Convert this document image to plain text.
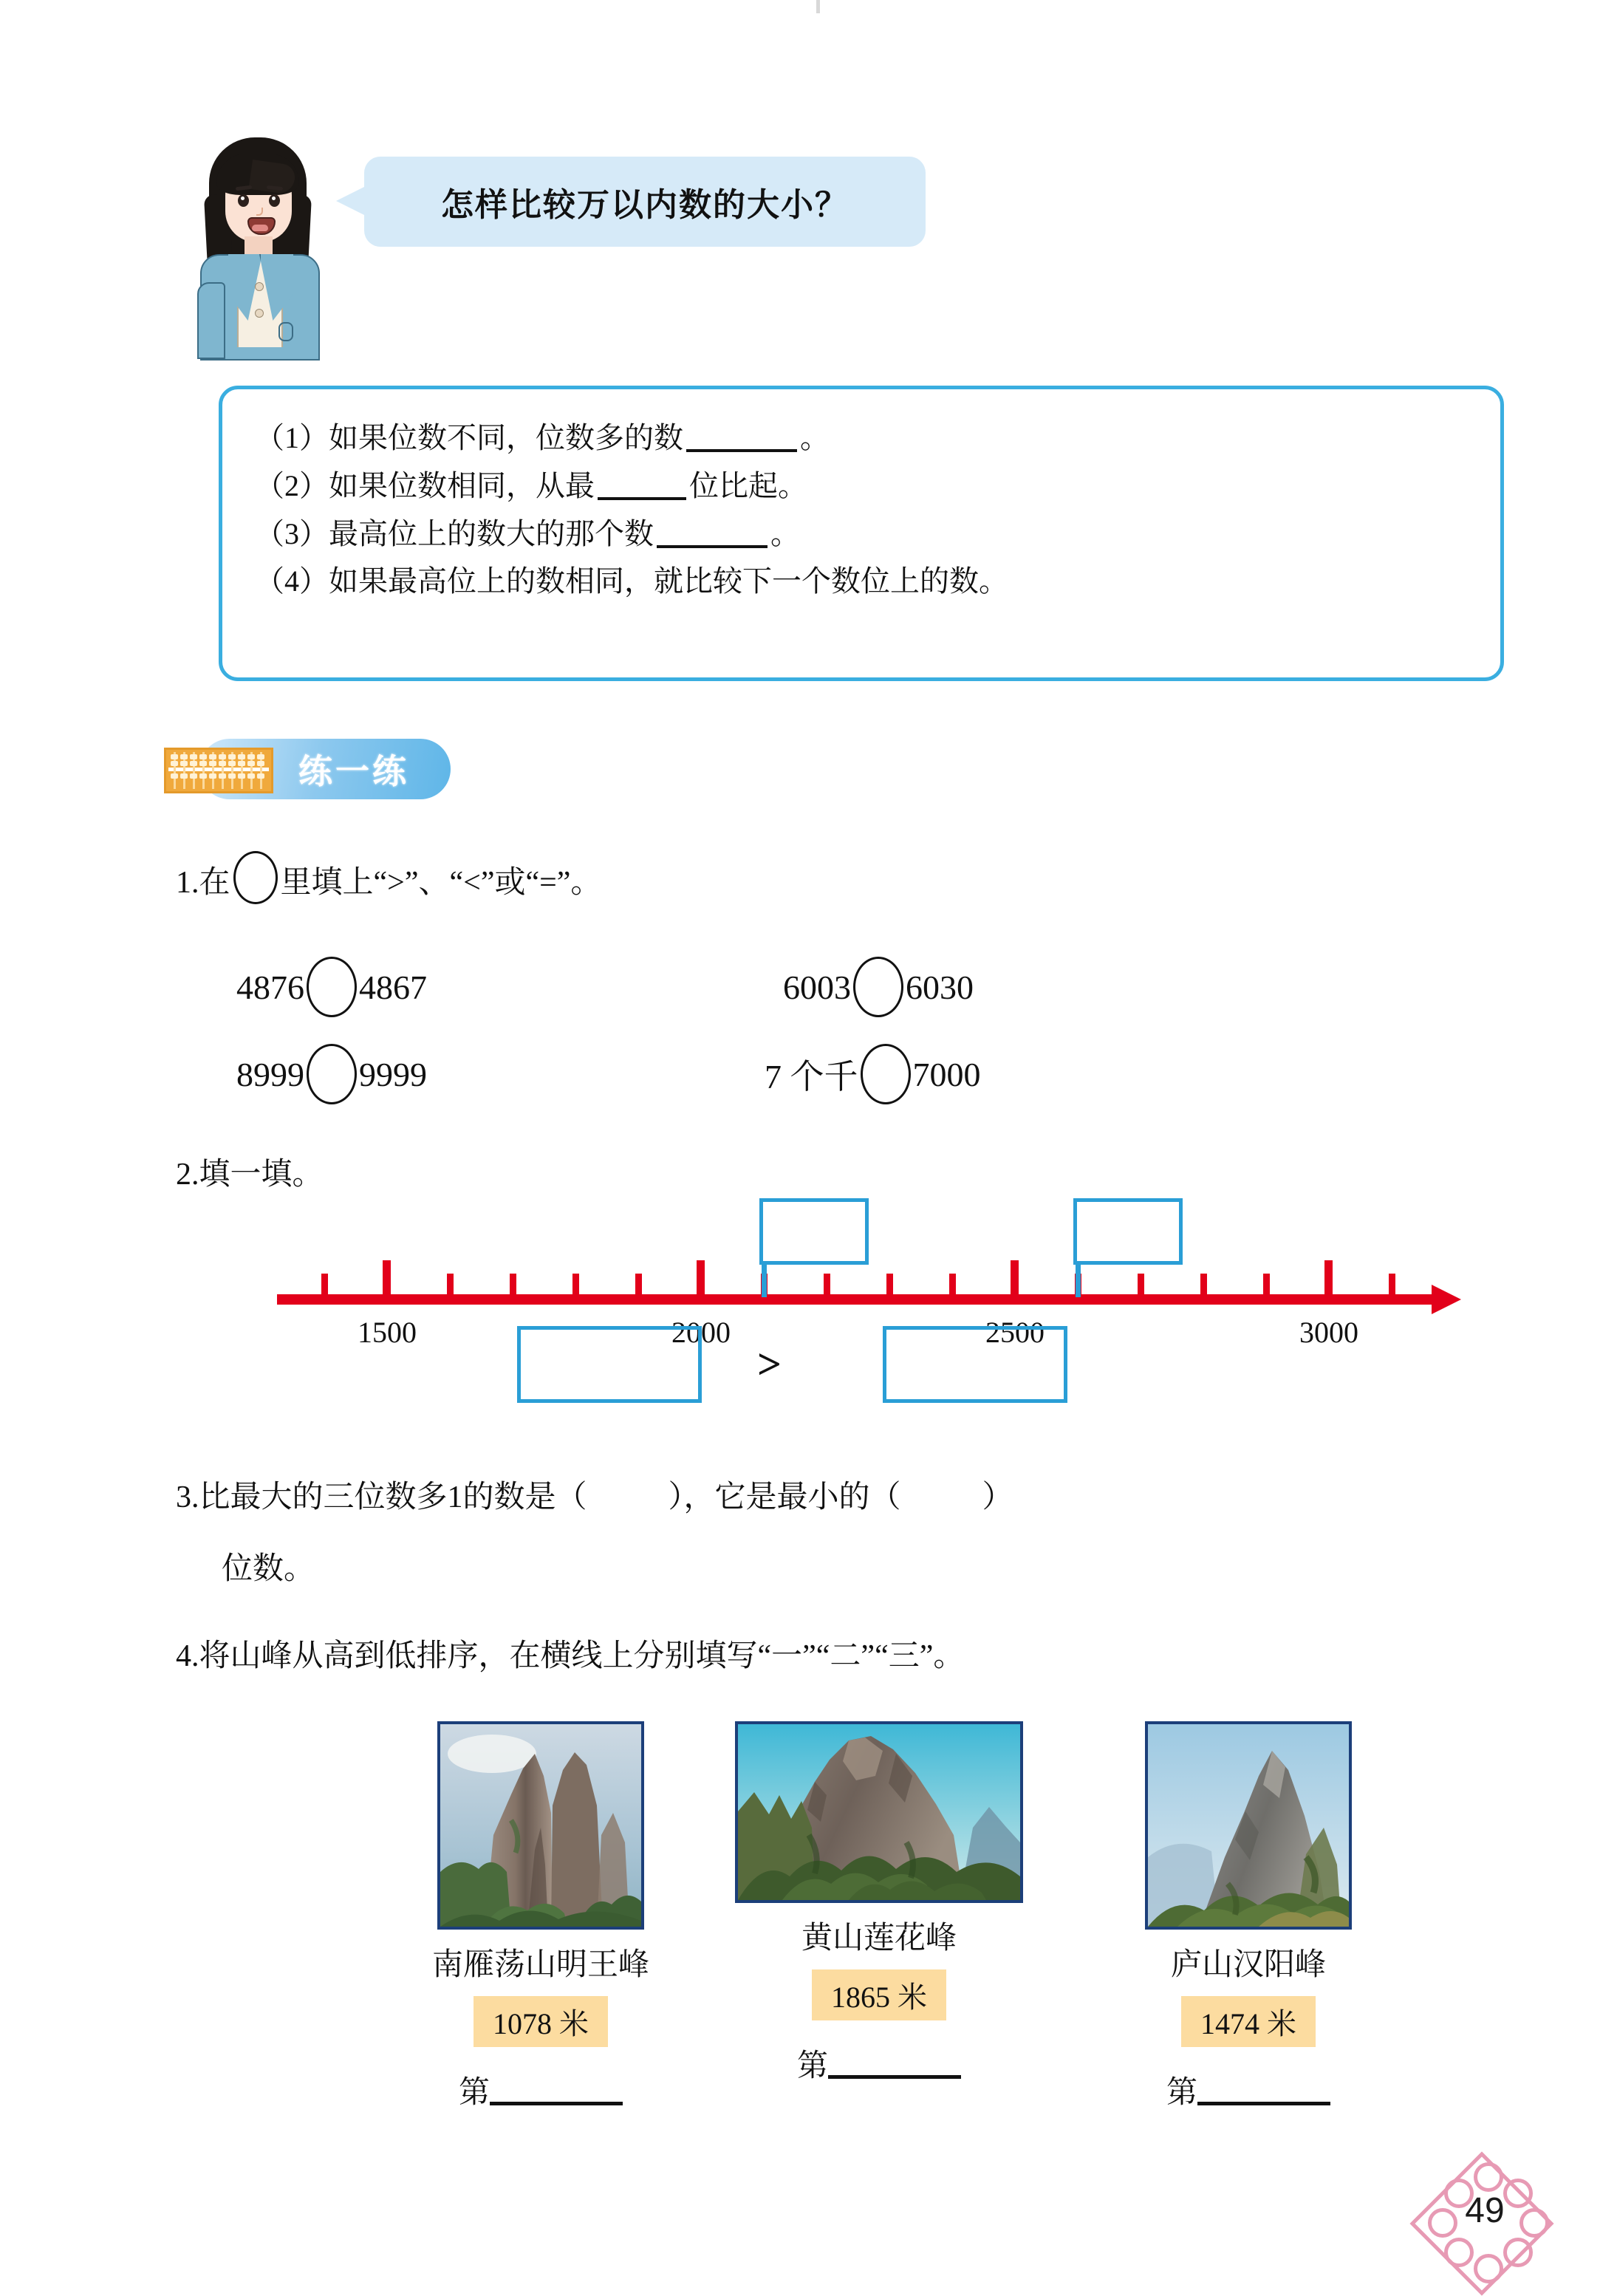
怎样比较万以内数的大小？
（1）如果位数不同，位数多的数	。
（2）如果位数相同，从最	位比起。
（3）最高位上的数大的那个数	。
（4）如果最高位上的数相同，就比较下一个数位上的数。
练一练
1.在 里填上“>”、“<”或“=”。
4876 4867	6003 6030
8999 9999	7 个千 7000
2.填一填。
1500	2000	2500	3000
>
3.比最大的三位数多1的数是（	），它是最小的（	）
位数。
4.将山峰从高到低排序，在横线上分别填写“一”“二”“三”。
南雁荡山明王峰
1078 米
第
黄山莲花峰
1865 米
第
庐山汉阳峰
1474 米
第
49
